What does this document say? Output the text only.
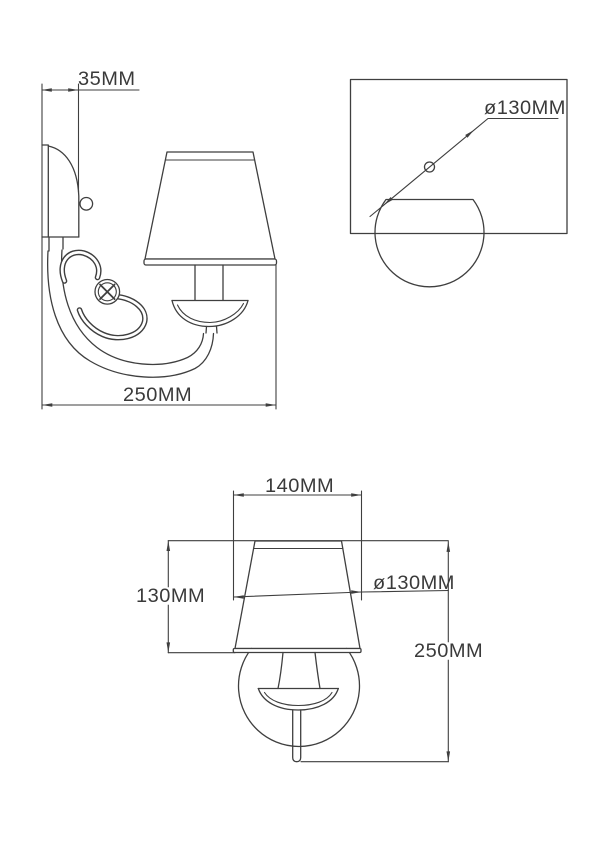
35MM
250MM
ø130MM
140MM
130MM
ø130MM
250MM
